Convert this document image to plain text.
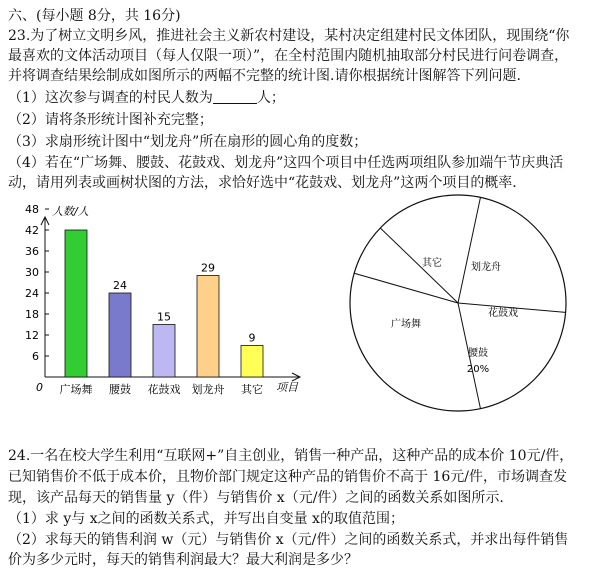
六、(每小题 8分，共 16分)
23.为了树立文明乡风，推进社会主义新农村建设，某村决定组建村民文体团队，现围绕“你
最喜欢的文体活动项目（每人仅限一项）”，在全村范围内随机抽取部分村民进行问卷调查，
并将调查结果绘制成如图所示的两幅不完整的统计图.请你根据统计图解答下列问题.
（1）这次参与调查的村民人数为	人；
（2）请将条形统计图补充完整；
（3）求扇形统计图中“划龙舟”所在扇形的圆心角的度数；
（4）若在“广场舞、腰鼓、花鼓戏、划龙舟”这四个项目中任选两项组队参加端午节庆典活
动，请用列表或画树状图的方法，求恰好选中“花鼓戏、划龙舟”这两个项目的概率.
人数/人
项目
0
6
12
18
24
30
36
42
48
广场舞
24
腰鼓
15
花鼓戏
29
划龙舟
9
其它
其它	划龙舟
花鼓戏
腰鼓
广场舞
20%
24.一名在校大学生利用“互联网+”自主创业，销售一种产品，这种产品的成本价 10元/件，
已知销售价不低于成本价，且物价部门规定这种产品的销售价不高于 16元/件，市场调查发
现，该产品每天的销售量 y（件）与销售价 x（元/件）之间的函数关系如图所示.
（1）求 y与 x之间的函数关系式，并写出自变量 x的取值范围；
（2）求每天的销售利润 w（元）与销售价 x（元/件）之间的函数关系式，并求出每件销售
价为多少元时，每天的销售利润最大？最大利润是多少？
